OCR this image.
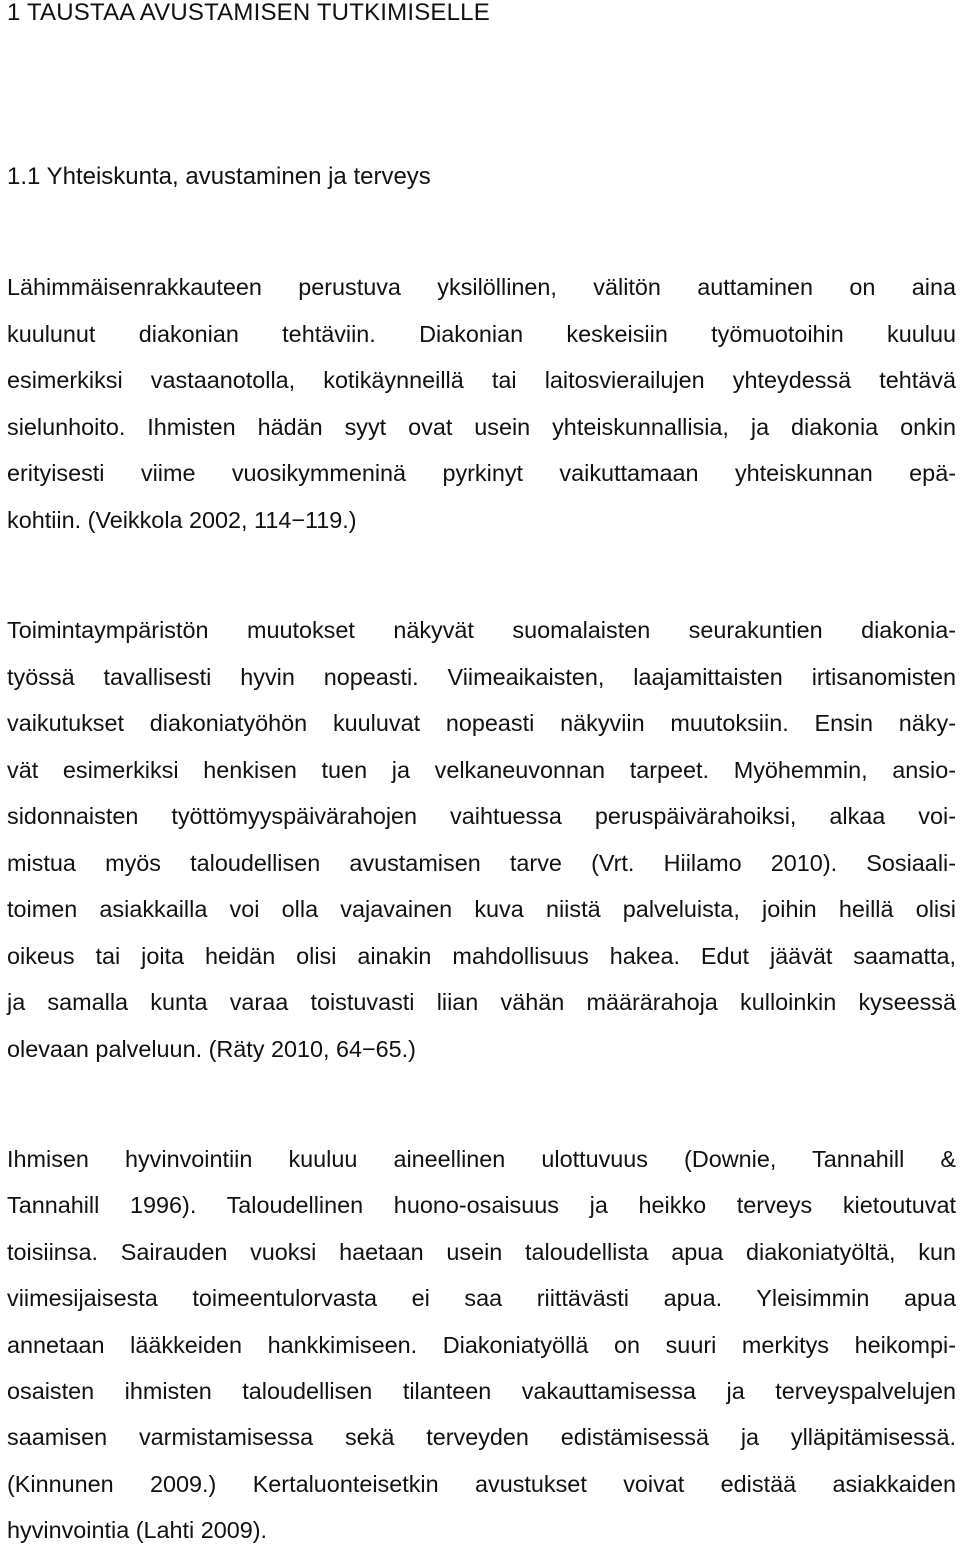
1 TAUSTAA AVUSTAMISEN TUTKIMISELLE
1.1 Yhteiskunta, avustaminen ja terveys
Lähimmäisenrakkauteen perustuva yksilöllinen, välitön auttaminen on aina
kuulunut diakonian tehtäviin. Diakonian keskeisiin työmuotoihin kuuluu
esimerkiksi vastaanotolla, kotikäynneillä tai laitosvierailujen yhteydessä tehtävä
sielunhoito. Ihmisten hädän syyt ovat usein yhteiskunnallisia, ja diakonia onkin
erityisesti viime vuosikymmeninä pyrkinyt vaikuttamaan yhteiskunnan epä-
kohtiin. (Veikkola 2002, 114−119.)
Toimintaympäristön muutokset näkyvät suomalaisten seurakuntien diakonia-
työssä tavallisesti hyvin nopeasti. Viimeaikaisten, laajamittaisten irtisanomisten
vaikutukset diakoniatyöhön kuuluvat nopeasti näkyviin muutoksiin. Ensin näky-
vät esimerkiksi henkisen tuen ja velkaneuvonnan tarpeet. Myöhemmin, ansio-
sidonnaisten työttömyyspäivärahojen vaihtuessa peruspäivärahoiksi, alkaa voi-
mistua myös taloudellisen avustamisen tarve (Vrt. Hiilamo 2010). Sosiaali-
toimen asiakkailla voi olla vajavainen kuva niistä palveluista, joihin heillä olisi
oikeus tai joita heidän olisi ainakin mahdollisuus hakea. Edut jäävät saamatta,
ja samalla kunta varaa toistuvasti liian vähän määrärahoja kulloinkin kyseessä
olevaan palveluun. (Räty 2010, 64−65.)
Ihmisen hyvinvointiin kuuluu aineellinen ulottuvuus (Downie, Tannahill &
Tannahill 1996). Taloudellinen huono-osaisuus ja heikko terveys kietoutuvat
toisiinsa. Sairauden vuoksi haetaan usein taloudellista apua diakoniatyöltä, kun
viimesijaisesta toimeentulorvasta ei saa riittävästi apua. Yleisimmin apua
annetaan lääkkeiden hankkimiseen. Diakoniatyöllä on suuri merkitys heikompi-
osaisten ihmisten taloudellisen tilanteen vakauttamisessa ja terveyspalvelujen
saamisen varmistamisessa sekä terveyden edistämisessä ja ylläpitämisessä.
(Kinnunen 2009.) Kertaluonteisetkin avustukset voivat edistää asiakkaiden
hyvinvointia (Lahti 2009).
